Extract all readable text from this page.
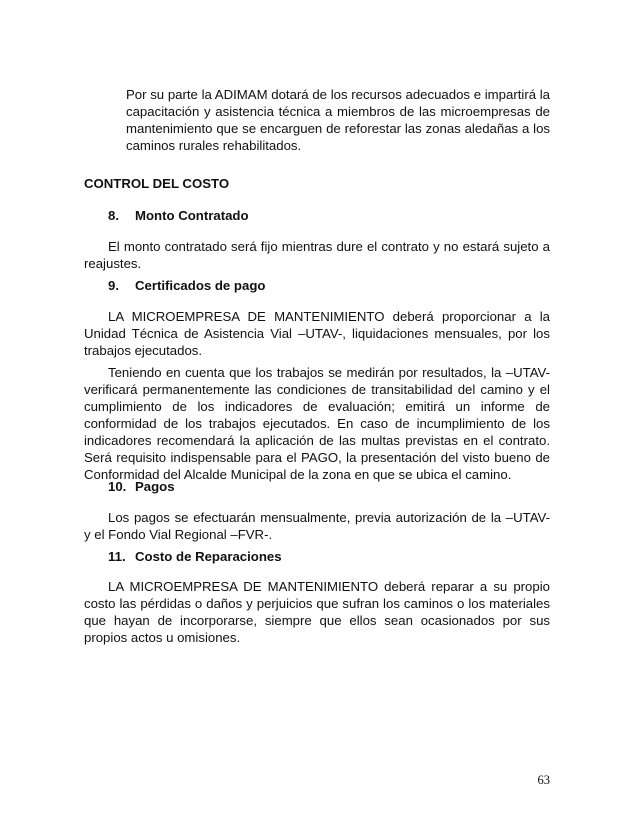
Por su parte la ADIMAM dotará de los recursos adecuados e impartirá la capacitación y asistencia técnica a miembros de las microempresas de mantenimiento que se encarguen de reforestar las zonas aledañas a los caminos rurales rehabilitados.

CONTROL DEL COSTO

8. Monto Contratado

El monto contratado será fijo mientras dure el contrato y no estará sujeto a reajustes.

9. Certificados de pago

LA MICROEMPRESA DE MANTENIMIENTO deberá proporcionar a la Unidad Técnica de Asistencia Vial –UTAV-, liquidaciones mensuales, por los trabajos ejecutados.

Teniendo en cuenta que los trabajos se medirán por resultados, la –UTAV- verificará permanentemente las condiciones de transitabilidad del camino y el cumplimiento de los indicadores de evaluación; emitirá un informe de conformidad de los trabajos ejecutados. En caso de incumplimiento de los indicadores recomendará la aplicación de las multas previstas en el contrato. Será requisito indispensable para el PAGO, la presentación del visto bueno de Conformidad del Alcalde Municipal de la zona en que se ubica el camino.

10. Pagos

Los pagos se efectuarán mensualmente, previa autorización de la –UTAV- y el Fondo Vial Regional –FVR-.

11. Costo de Reparaciones

LA MICROEMPRESA DE MANTENIMIENTO deberá reparar a su propio costo las pérdidas o daños y perjuicios que sufran los caminos o los materiales que hayan de incorporarse, siempre que ellos sean ocasionados por sus propios actos u omisiones.

63
